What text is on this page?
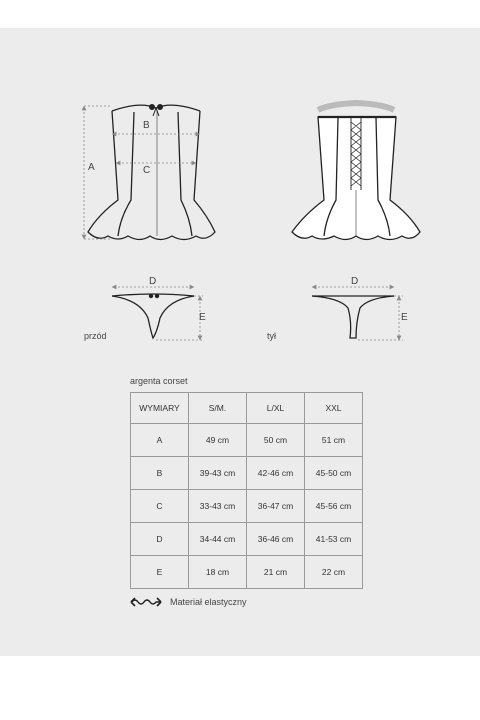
A
B
C
D	D
E	E
przód	tył
argenta corset
WYMIARY	S/M.	L/XL	XXL
A	49 cm	50 cm	51 cm
B	39-43 cm	42-46 cm	45-50 cm
C	33-43 cm	36-47 cm	45-56 cm
D	34-44 cm	36-46 cm	41-53 cm
E	18 cm	21 cm	22 cm
Materiał elastyczny
